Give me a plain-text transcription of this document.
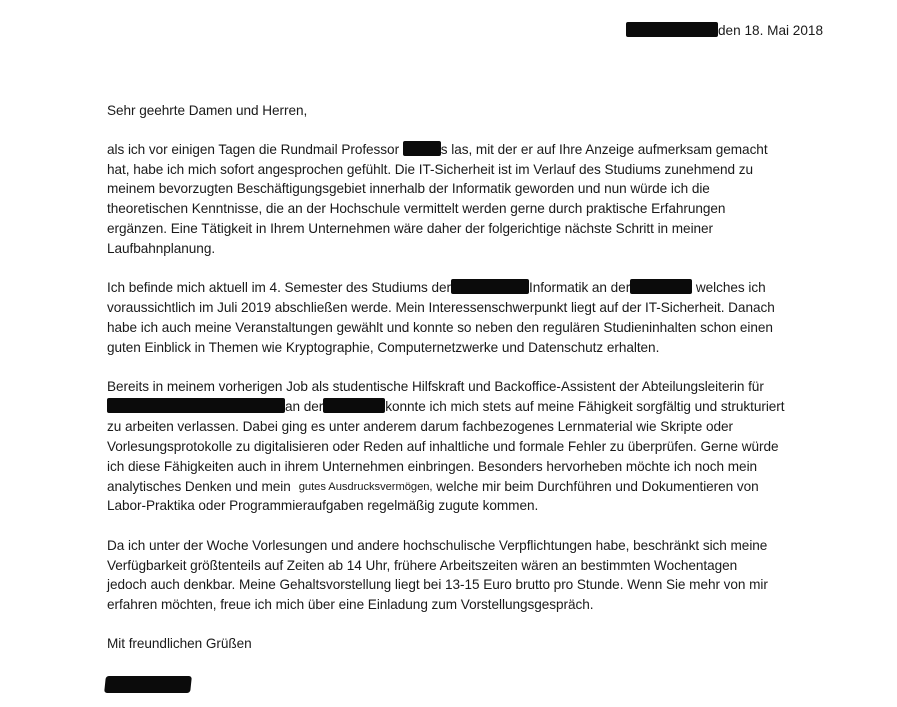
den 18. Mai 2018
Sehr geehrte Damen und Herren,
als ich vor einigen Tagen die Rundmail Professor	s las, mit der er auf Ihre Anzeige aufmerksam gemacht
hat, habe ich mich sofort angesprochen gefühlt. Die IT-Sicherheit ist im Verlauf des Studiums zunehmend zu
meinem bevorzugten Beschäftigungsgebiet innerhalb der Informatik geworden und nun würde ich die
theoretischen Kenntnisse, die an der Hochschule vermittelt werden gerne durch praktische Erfahrungen
ergänzen. Eine Tätigkeit in Ihrem Unternehmen wäre daher der folgerichtige nächste Schritt in meiner
Laufbahnplanung.
Ich befinde mich aktuell im 4. Semester des Studiums der	Informatik an der	welches ich
voraussichtlich im Juli 2019 abschließen werde. Mein Interessenschwerpunkt liegt auf der IT-Sicherheit. Danach
habe ich auch meine Veranstaltungen gewählt und konnte so neben den regulären Studieninhalten schon einen
guten Einblick in Themen wie Kryptographie, Computernetzwerke und Datenschutz erhalten.
Bereits in meinem vorherigen Job als studentische Hilfskraft und Backoffice-Assistent der Abteilungsleiterin für
an der	konnte ich mich stets auf meine Fähigkeit sorgfältig und strukturiert
zu arbeiten verlassen. Dabei ging es unter anderem darum fachbezogenes Lernmaterial wie Skripte oder
Vorlesungsprotokolle zu digitalisieren oder Reden auf inhaltliche und formale Fehler zu überprüfen. Gerne würde
ich diese Fähigkeiten auch in ihrem Unternehmen einbringen. Besonders hervorheben möchte ich noch mein
analytisches Denken und mein gutes Ausdrucksvermögen, welche mir beim Durchführen und Dokumentieren von
Labor-Praktika oder Programmieraufgaben regelmäßig zugute kommen.
Da ich unter der Woche Vorlesungen und andere hochschulische Verpflichtungen habe, beschränkt sich meine
Verfügbarkeit größtenteils auf Zeiten ab 14 Uhr, frühere Arbeitszeiten wären an bestimmten Wochentagen
jedoch auch denkbar. Meine Gehaltsvorstellung liegt bei 13-15 Euro brutto pro Stunde. Wenn Sie mehr von mir
erfahren möchten, freue ich mich über eine Einladung zum Vorstellungsgespräch.
Mit freundlichen Grüßen
